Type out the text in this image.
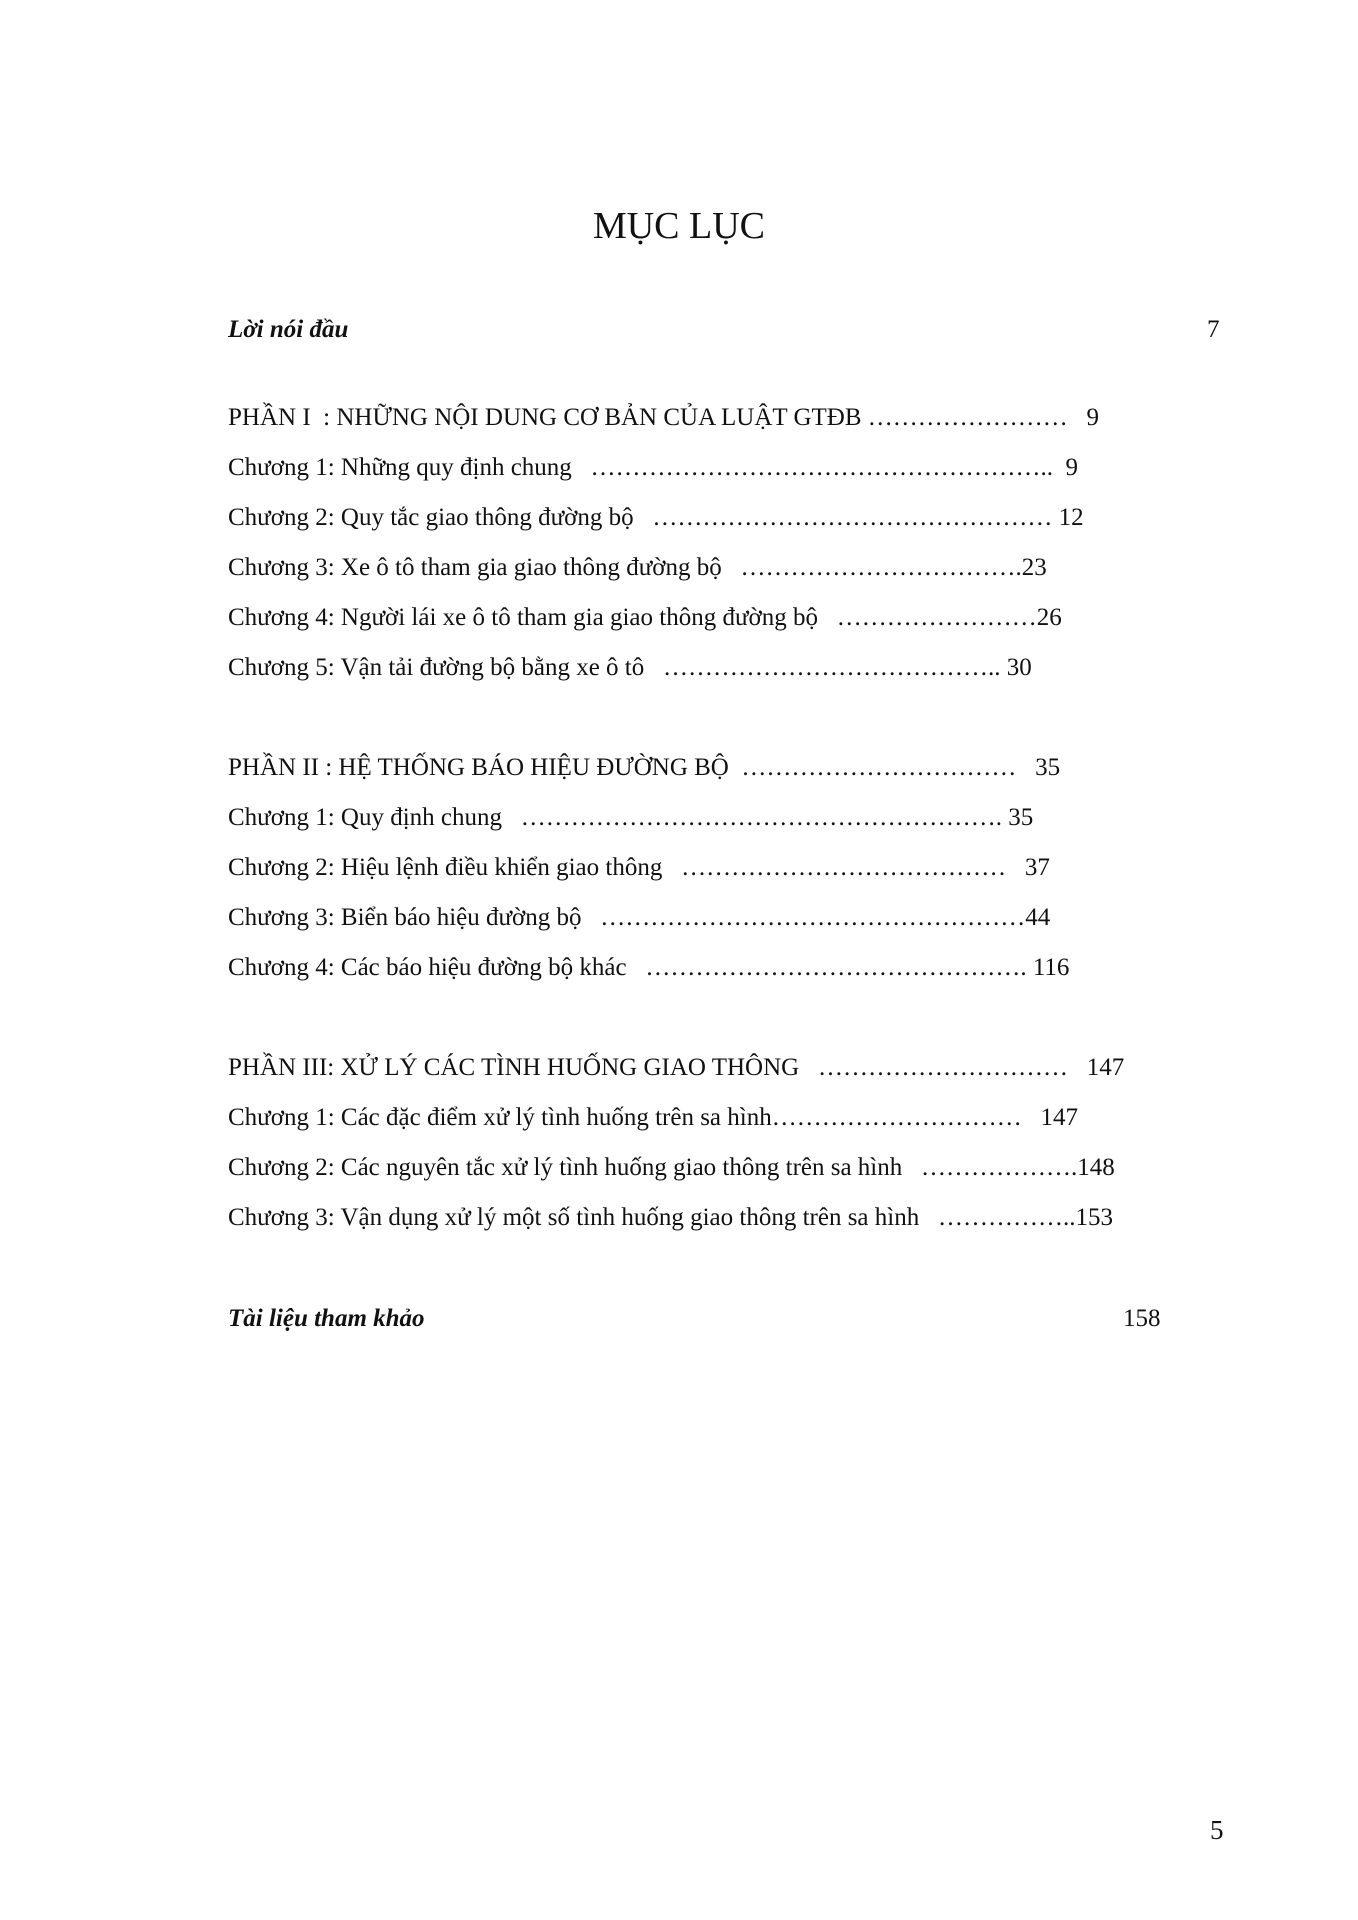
MỤC LỤC
Lời nói đầu	7
PHẦN I  : NHỮNG NỘI DUNG CƠ BẢN CỦA LUẬT GTĐB ……………………   9
Chương 1: Những quy định chung   ………………………………………………..  9
Chương 2: Quy tắc giao thông đường bộ   ………………………………………… 12
Chương 3: Xe ô tô tham gia giao thông đường bộ   …………………………….23
Chương 4: Người lái xe ô tô tham gia giao thông đường bộ   ……………………26
Chương 5: Vận tải đường bộ bằng xe ô tô   ………………………………….. 30
PHẦN II : HỆ THỐNG BÁO HIỆU ĐƯỜNG BỘ  ……………………………   35
Chương 1: Quy định chung   …………………………………………………. 35
Chương 2: Hiệu lệnh điều khiển giao thông   …………………………………   37
Chương 3: Biển báo hiệu đường bộ   ……………………………………………44
Chương 4: Các báo hiệu đường bộ khác   ………………………………………. 116
PHẦN III: XỬ LÝ CÁC TÌNH HUỐNG GIAO THÔNG   …………………………   147
Chương 1: Các đặc điểm xử lý tình huống trên sa hình…………………………   147
Chương 2: Các nguyên tắc xử lý tình huống giao thông trên sa hình   ……………….148
Chương 3: Vận dụng xử lý một số tình huống giao thông trên sa hình   ……………..153
Tài liệu tham khảo	158
5
